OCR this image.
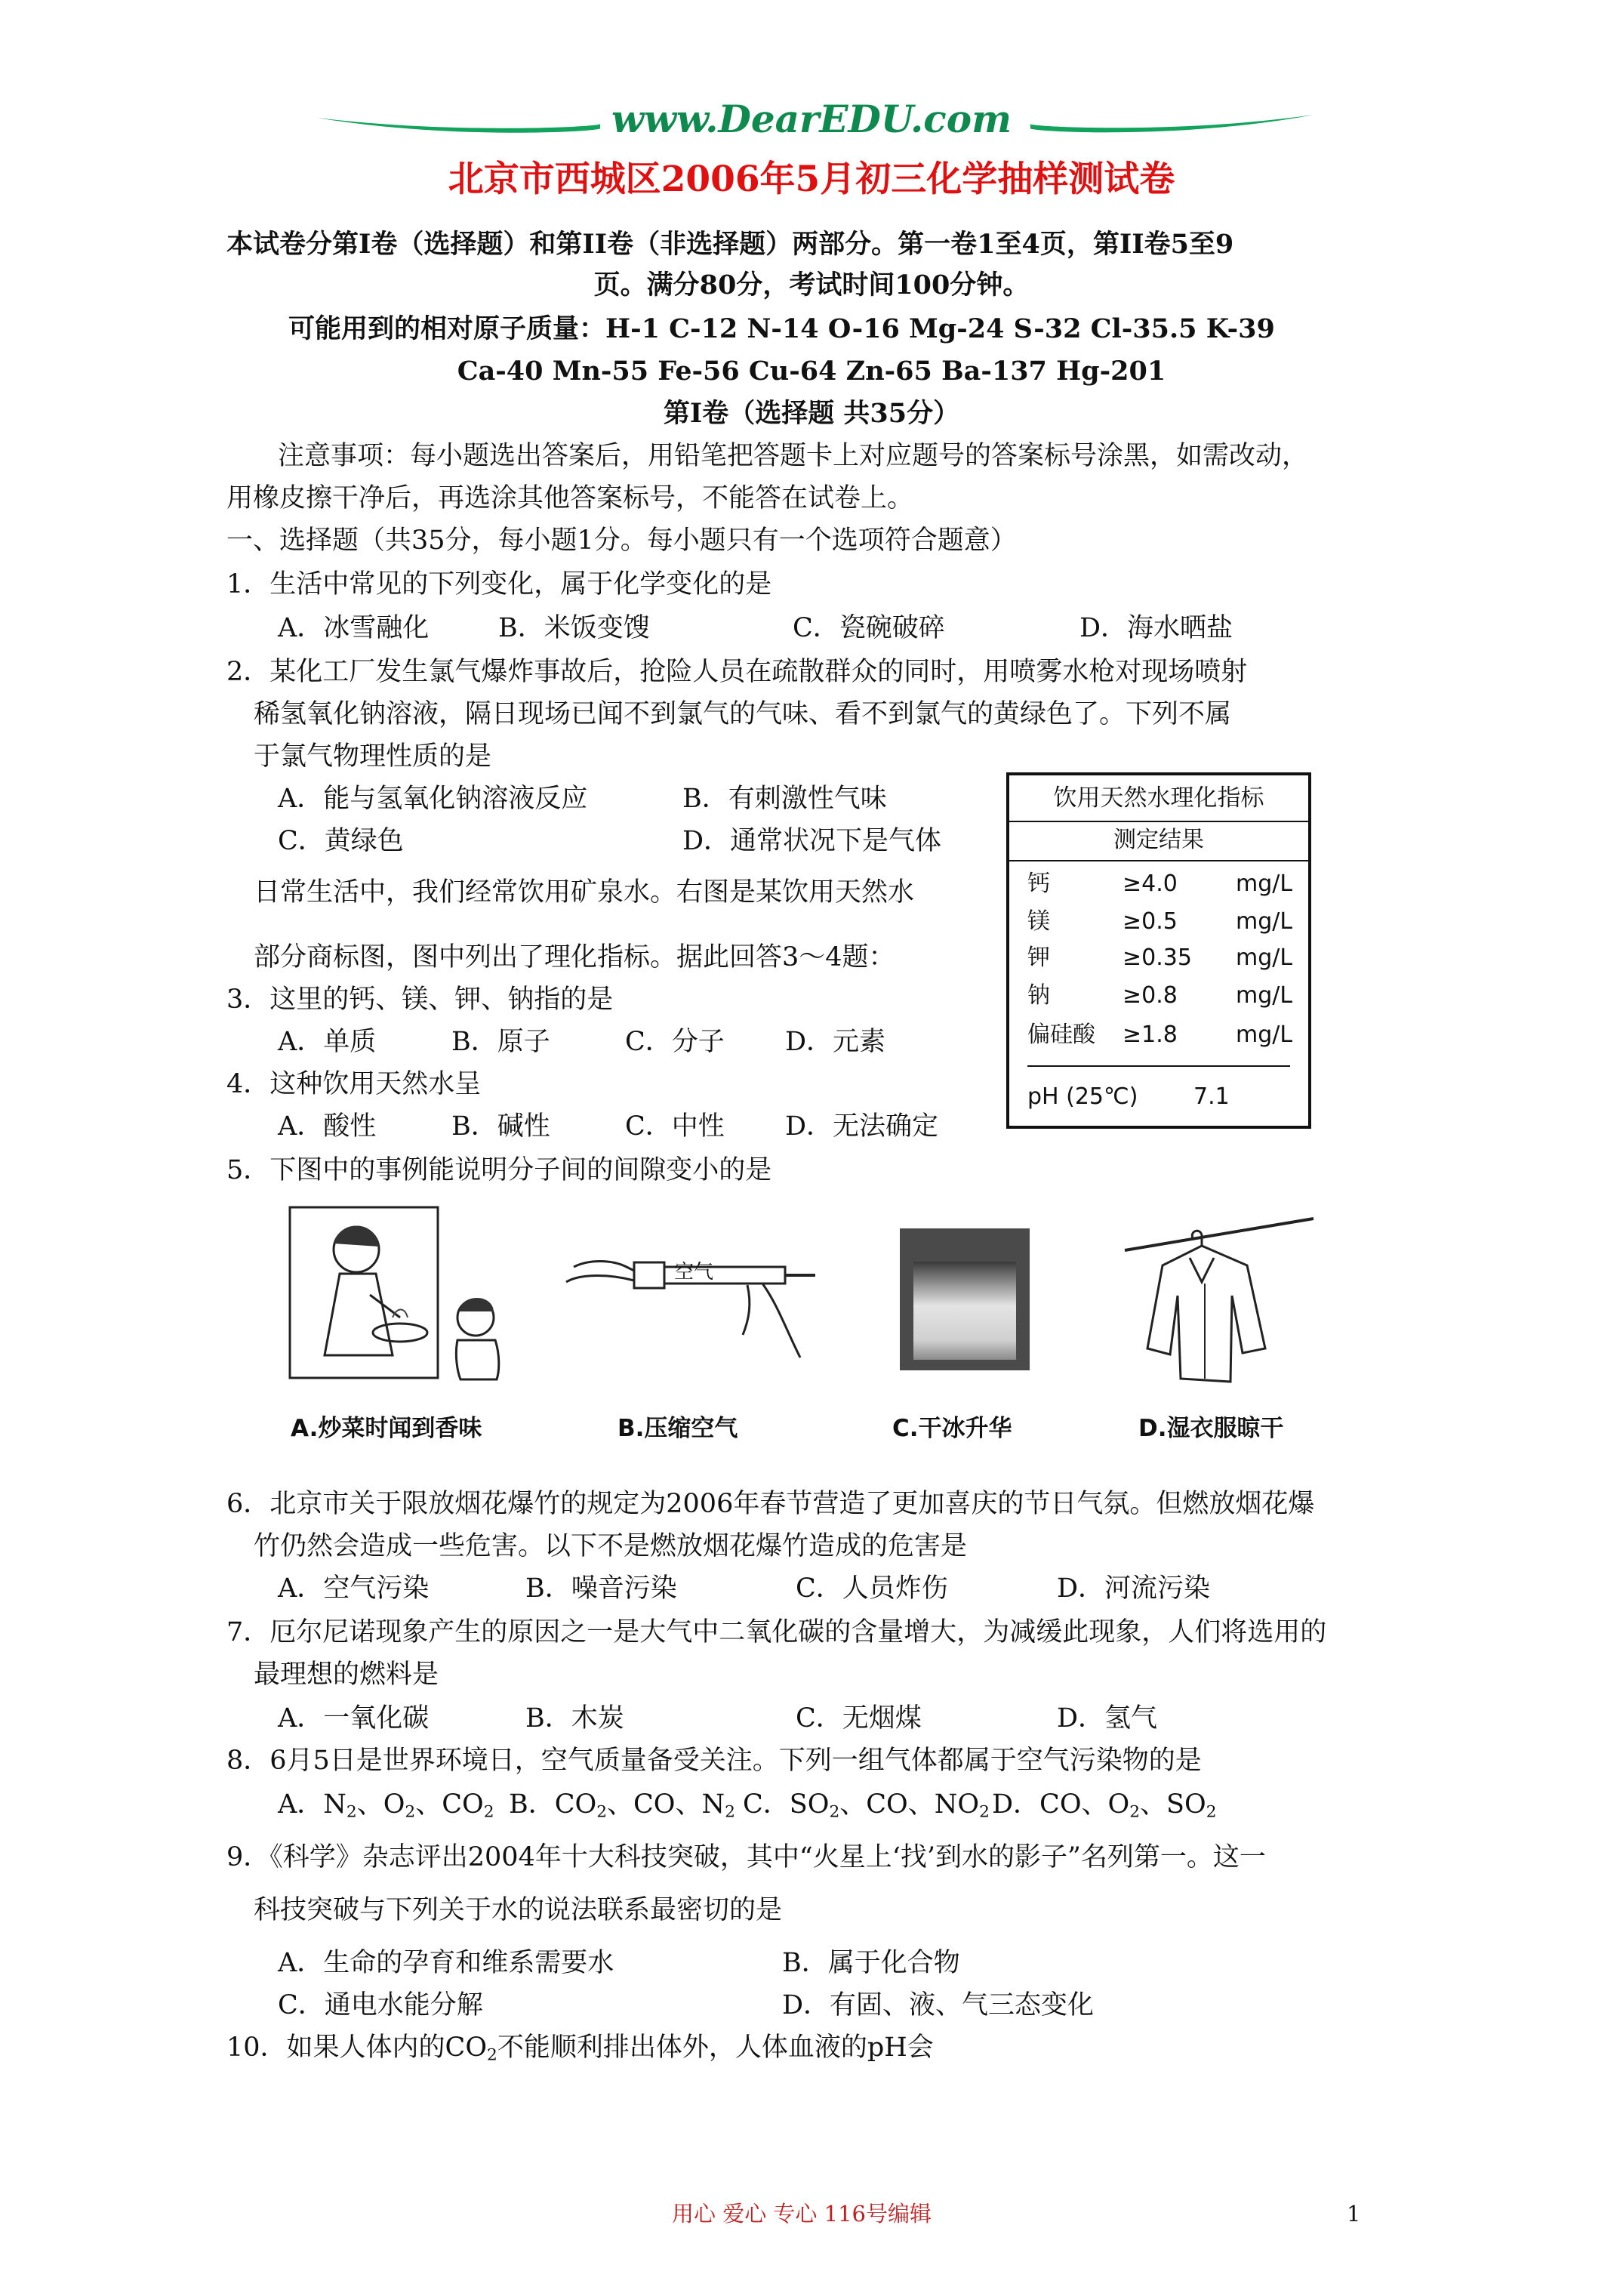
www.DearEDU.com
北京市西城区2006年5月初三化学抽样测试卷
本试卷分第Ⅰ卷（选择题）和第II卷（非选择题）两部分。第一卷1至4页，第II卷5至9
页。满分80分，考试时间100分钟。
可能用到的相对原子质量：H-1 C-12 N-14 O-16 Mg-24 S-32 Cl-35.5 K-39
Ca-40 Mn-55 Fe-56 Cu-64 Zn-65 Ba-137 Hg-201
第Ⅰ卷（选择题 共35分）
注意事项：每小题选出答案后，用铅笔把答题卡上对应题号的答案标号涂黑，如需改动，
用橡皮擦干净后，再选涂其他答案标号，不能答在试卷上。
一、选择题（共35分，每小题1分。每小题只有一个选项符合题意）
1．生活中常见的下列变化，属于化学变化的是
A．冰雪融化	B．米饭变馊	C．瓷碗破碎	D．海水晒盐
2．某化工厂发生氯气爆炸事故后，抢险人员在疏散群众的同时，用喷雾水枪对现场喷射
稀氢氧化钠溶液，隔日现场已闻不到氯气的气味、看不到氯气的黄绿色了。下列不属
于氯气物理性质的是
A．能与氢氧化钠溶液反应	B．有刺激性气味
C．黄绿色	D．通常状况下是气体
日常生活中，我们经常饮用矿泉水。右图是某饮用天然水
部分商标图，图中列出了理化指标。据此回答3～4题：
3．这里的钙、镁、钾、钠指的是
A．单质	B．原子	C．分子 D．元素
4．这种饮用天然水呈
A．酸性	B．碱性	C．中性 D．无法确定
饮用天然水理化指标
测定结果
钙	≥4.0	mg/L
镁	≥0.5	mg/L
钾	≥0.35 mg/L
钠	≥0.8	mg/L
偏硅酸 ≥1.8	mg/L
pH (25℃) 7.1
5．下图中的事例能说明分子间的间隙变小的是
A.炒菜时闻到香味
空气
B.压缩空气	C.干冰升华	D.湿衣服晾干
6．北京市关于限放烟花爆竹的规定为2006年春节营造了更加喜庆的节日气氛。但燃放烟花爆
竹仍然会造成一些危害。以下不是燃放烟花爆竹造成的危害是
A．空气污染	B．噪音污染	C．人员炸伤	D．河流污染
7．厄尔尼诺现象产生的原因之一是大气中二氧化碳的含量增大，为减缓此现象，人们将选用的
最理想的燃料是
A．一氧化碳	B．木炭	C．无烟煤	D．氢气
8．6月5日是世界环境日，空气质量备受关注。下列一组气体都属于空气污染物的是
A．$N_2$、$O_2$、$CO_2$ B．$CO_2$、CO、$N_2$ C．$SO_2$、CO、$NO_2$ D．CO、$O_2$、$SO_2$
9．《科学》杂志评出2004年十大科技突破，其中“火星上‘找’到水的影子”名列第一。这一
科技突破与下列关于水的说法联系最密切的是
A．生命的孕育和维系需要水	B．属于化合物
C．通电水能分解	D．有固、液、气三态变化
10．如果人体内的$CO_2$不能顺利排出体外，人体血液的pH会
用心 爱心 专心 116号编辑	1
